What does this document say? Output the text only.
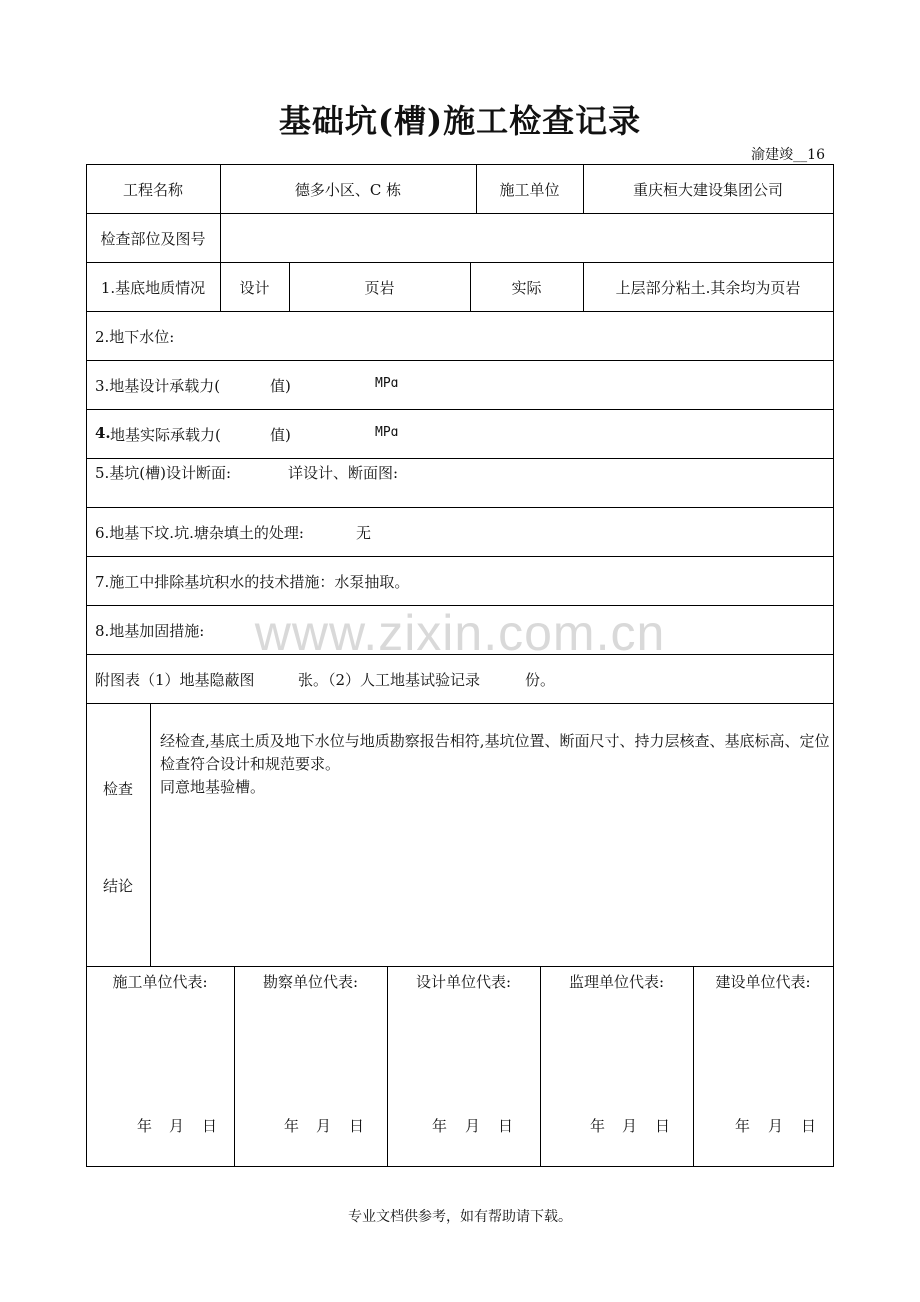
基础坑(槽)施工检查记录
渝建竣__16
www.zixin.com.cn
工程名称	德多小区、C 栋	施工单位	重庆桓大建设集团公司
检查部位及图号
1.基底地质情况	设计	页岩	实际	上层部分粘土.其余均为页岩
2.地下水位:
3.地基设计承载力(	值)	MPɑ
4. 地基实际承载力(	值)	MPɑ
5.基坑(槽)设计断面:	详设计、断面图:
6.地基下坟.坑.塘杂填土的处理:	无
7.施工中排除基坑积水的技术措施：水泵抽取。
8.地基加固措施:
附图表（1）地基隐蔽图	张。（2）人工地基试验记录	份。
检查
结论
经检查,基底土质及地下水位与地质勘察报告相符,基坑位置、断面尺寸、持力层核查、基底标高、定位检查符合设计和规范要求。
同意地基验槽。
施工单位代表:
年 月 日
勘察单位代表:
年 月 日
设计单位代表:
年 月 日
监理单位代表:
年 月 日
建设单位代表:
年 月 日
专业文档供参考，如有帮助请下载。
